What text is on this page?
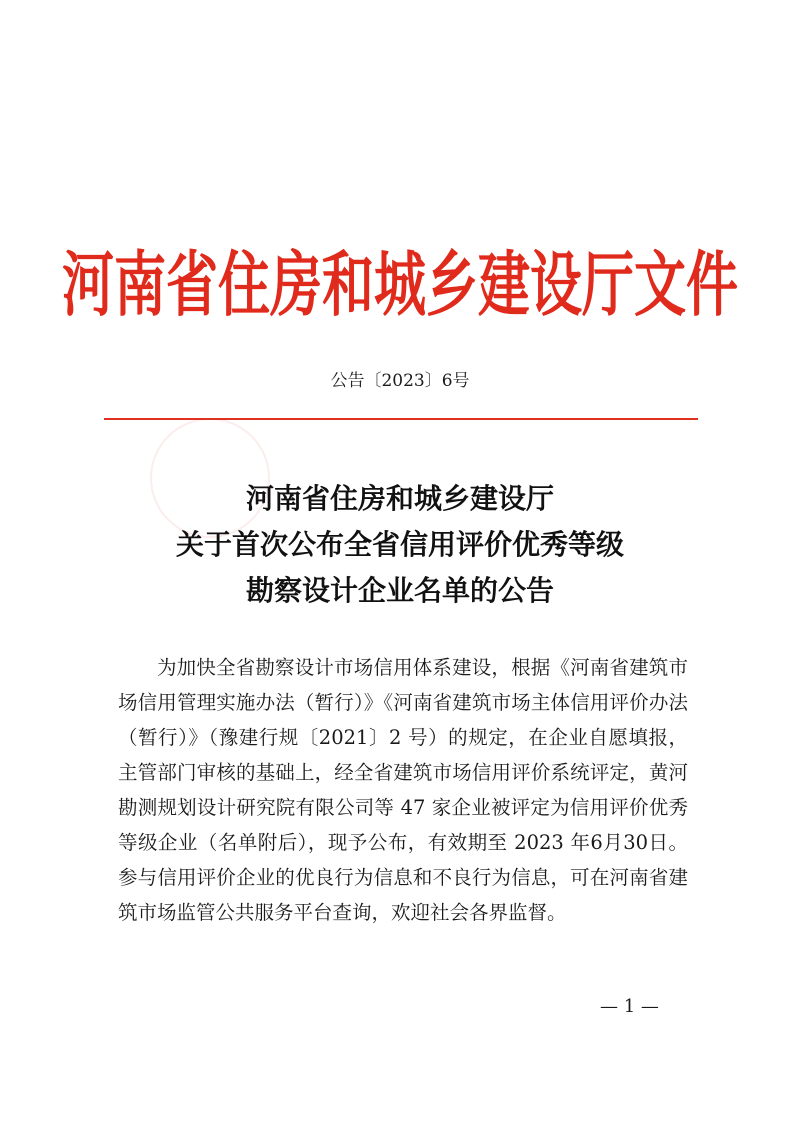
河南省住房和城乡建设厅文件
公告〔2023〕6号
河南省住房和城乡建设厅
关于首次公布全省信用评价优秀等级
勘察设计企业名单的公告

为加快全省勘察设计市场信用体系建设，根据《河南省建筑市场信用管理实施办法（暂行）》《河南省建筑市场主体信用评价办法（暂行）》（豫建行规〔2021〕2 号）的规定，在企业自愿填报，主管部门审核的基础上，经全省建筑市场信用评价系统评定，黄河勘测规划设计研究院有限公司等 47 家企业被评定为信用评价优秀等级企业（名单附后），现予公布，有效期至 2023 年6月30日。参与信用评价企业的优良行为信息和不良行为信息，可在河南省建筑市场监管公共服务平台查询，欢迎社会各界监督。

— 1 —
